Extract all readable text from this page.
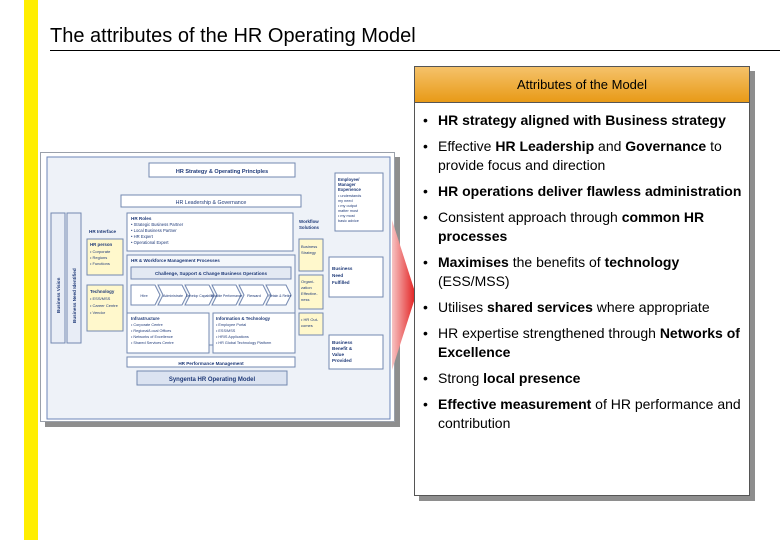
The attributes of the HR Operating Model
HR Strategy & Operating Principles
Employee/
Manager
Experience
• understands
my need
• my output
matter most
• my most
basic advice
Business Vision Business Need Identified
HR Leadership & Governance
HR Interface
HR Roles
• Strategic Business Partner
• Local Business Partner
• HR Expert
• Operational Expert
Workflow
Solutions
HR person
• Corporate
• Regions
• Functions
HR & Workforce Management Processes
Challenge, Support & Change Business Operations
Hire	Administrate Develop Capability
Enable Performance Reward Retain & Retire
Technology
• ESS/MSS
• Career Centre
• Vendor
Business
Strategy
Organi-
zation
Effective-
ness
• HR Out-
comes
Business
Need
Fulfilled
Business
Benefit &
Value
Provided
Infrastructure
• Corporate Centre
• Regional/Local Offices
• Networks of Excellence
• Shared Services Centre
Information & Technology
• Employee Portal
• ESS/MSS
• HRIS Applications
• HR Global Technology Platform
HR Performance Management
Syngenta HR Operating Model
Attributes of the Model
• HR strategy aligned with Business strategy
• Effective HR Leadership and Governance to provide focus and direction
• HR operations deliver flawless administration
• Consistent approach through common HR processes
• Maximises the benefits of technology (ESS/MSS)
• Utilises shared services where appropriate
• HR expertise strengthened through Networks of Excellence
• Strong local presence
• Effective measurement of HR performance and contribution
